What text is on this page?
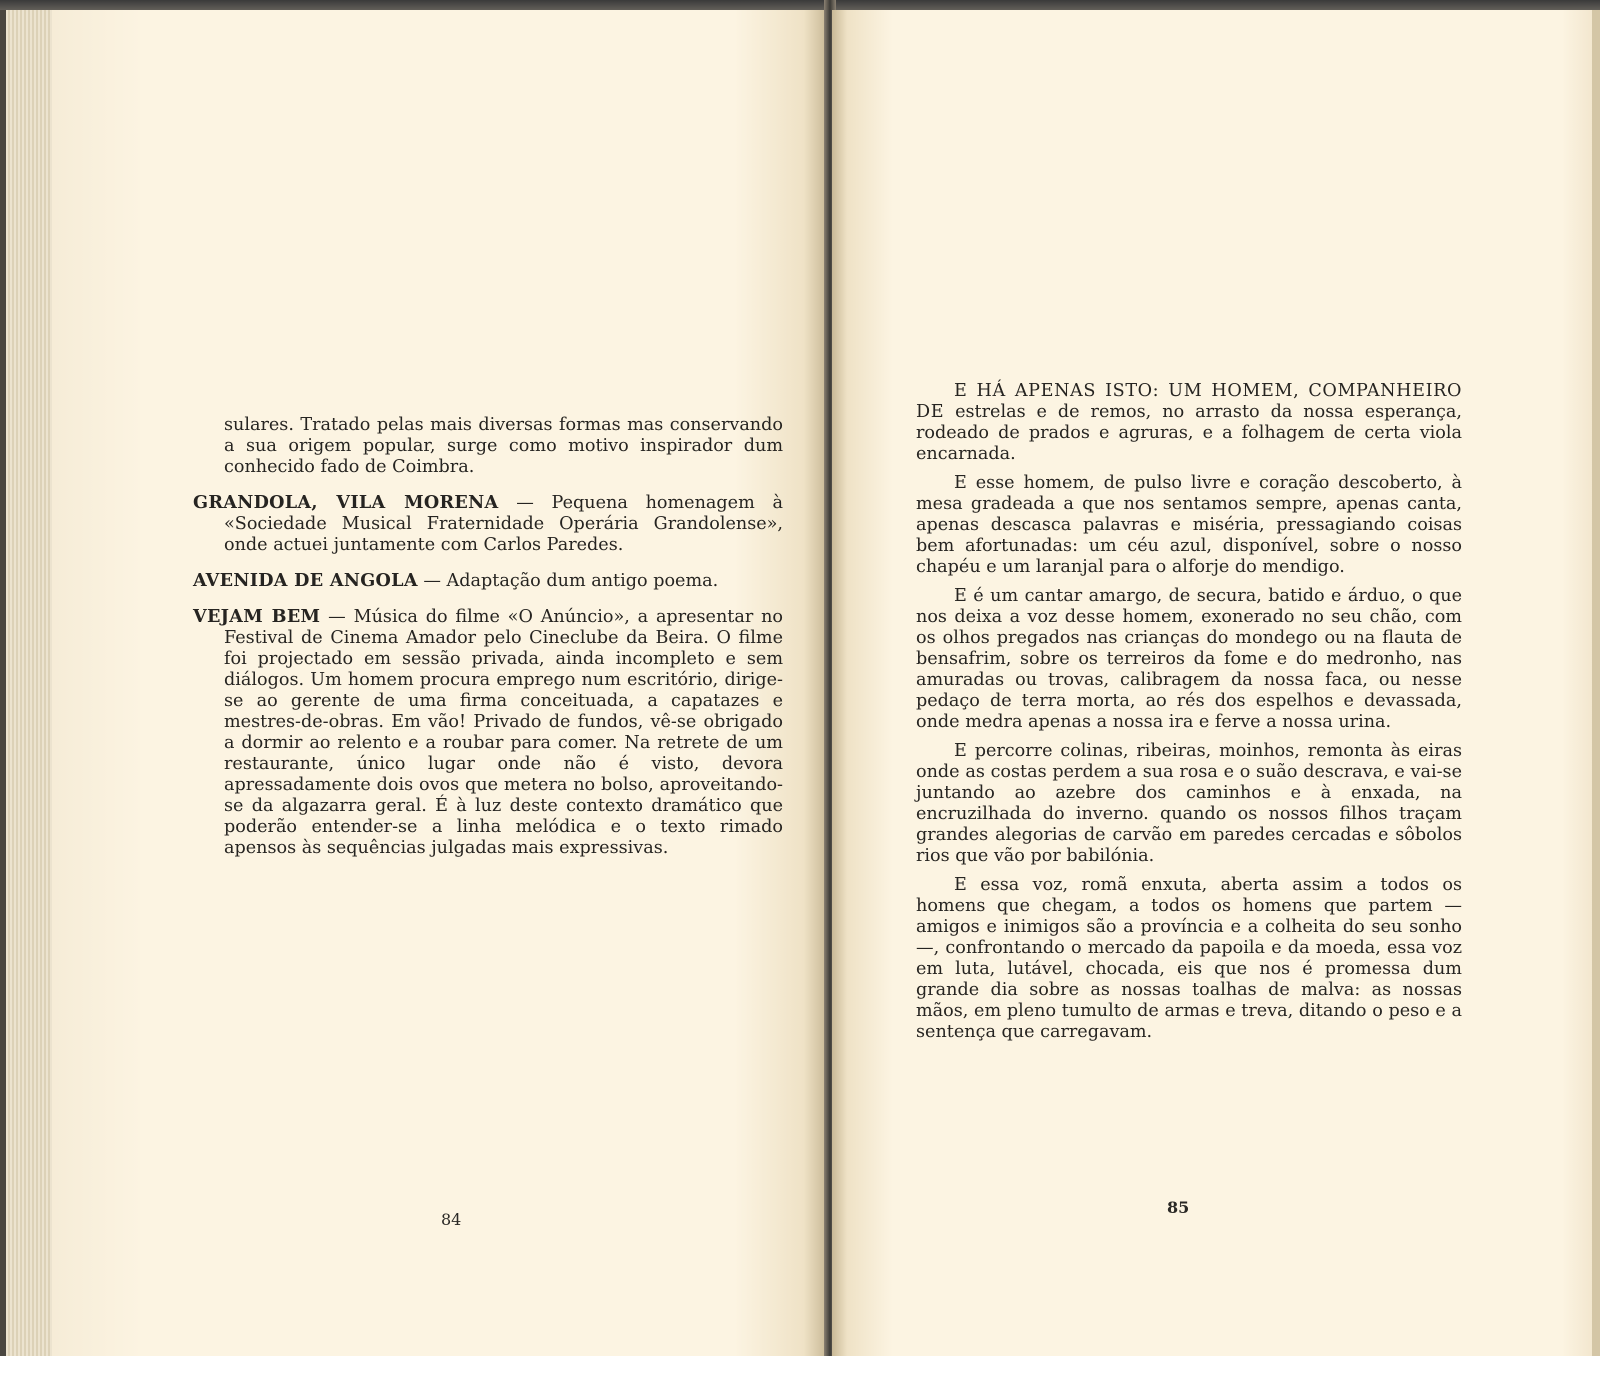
sulares. Tratado pelas mais diversas formas mas conservando a sua origem popular, surge como motivo inspirador dum conhecido fado de Coimbra.

GRANDOLA, VILA MORENA — Pequena homenagem à «Sociedade Musical Fraternidade Operária Grandolense», onde actuei juntamente com Carlos Paredes.

AVENIDA DE ANGOLA — Adaptação dum antigo poema.

VEJAM BEM — Música do filme «O Anúncio», a apresentar no Festival de Cinema Amador pelo Cineclube da Beira. O filme foi projectado em sessão privada, ainda incompleto e sem diálogos. Um homem procura emprego num escritório, dirige-se ao gerente de uma firma conceituada, a capatazes e mestres-de-obras. Em vão! Privado de fundos, vê-se obrigado a dormir ao relento e a roubar para comer. Na retrete de um restaurante, único lugar onde não é visto, devora apressadamente dois ovos que metera no bolso, aproveitando-se da algazarra geral. É à luz deste contexto dramático que poderão entender-se a linha melódica e o texto rimado apensos às sequências julgadas mais expressivas.

84

E HÁ APENAS ISTO: UM HOMEM, COMPANHEIRO DE estrelas e de remos, no arrasto da nossa esperança, rodeado de prados e agruras, e a folhagem de certa viola encarnada.

E esse homem, de pulso livre e coração descoberto, à mesa gradeada a que nos sentamos sempre, apenas canta, apenas descasca palavras e miséria, pressagiando coisas bem afortunadas: um céu azul, disponível, sobre o nosso chapéu e um laranjal para o alforje do mendigo.

E é um cantar amargo, de secura, batido e árduo, o que nos deixa a voz desse homem, exonerado no seu chão, com os olhos pregados nas crianças do mondego ou na flauta de bensafrim, sobre os terreiros da fome e do medronho, nas amuradas ou trovas, calibragem da nossa faca, ou nesse pedaço de terra morta, ao rés dos espelhos e devassada, onde medra apenas a nossa ira e ferve a nossa urina.

E percorre colinas, ribeiras, moinhos, remonta às eiras onde as costas perdem a sua rosa e o suão descrava, e vai-se juntando ao azebre dos caminhos e à enxada, na encruzilhada do inverno. quando os nossos filhos traçam grandes alegorias de carvão em paredes cercadas e sôbolos rios que vão por babilónia.

E essa voz, romã enxuta, aberta assim a todos os homens que chegam, a todos os homens que partem — amigos e inimigos são a província e a colheita do seu sonho—, confrontando o mercado da papoila e da moeda, essa voz em luta, lutável, chocada, eis que nos é promessa dum grande dia sobre as nossas toalhas de malva: as nossas mãos, em pleno tumulto de armas e treva, ditando o peso e a sentença que carregavam.

85
